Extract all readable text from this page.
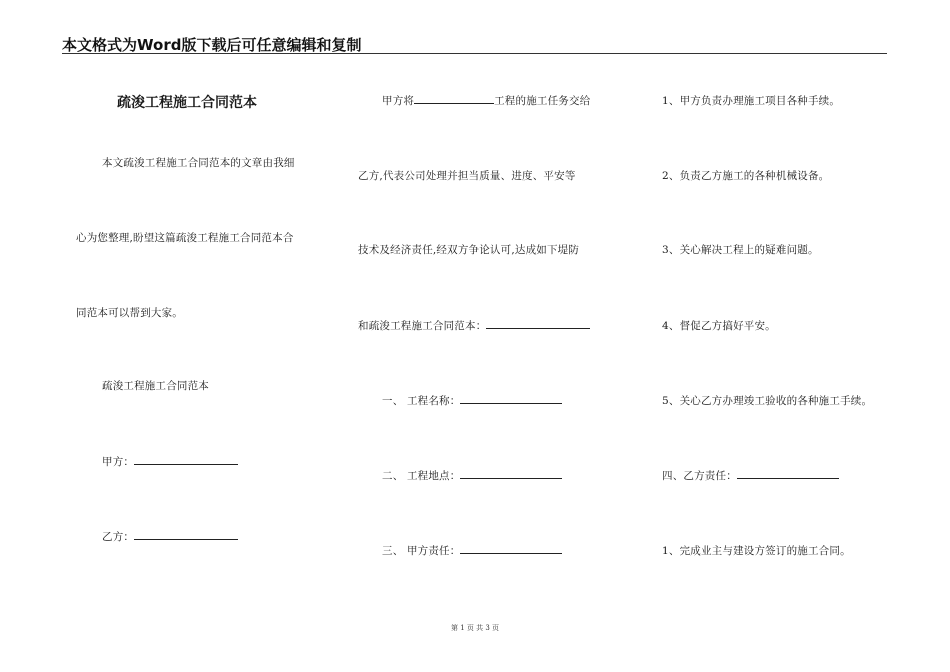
本文格式为Word版下载后可任意编辑和复制
疏浚工程施工合同范本
本文疏浚工程施工合同范本的文章由我细
心为您整理,盼望这篇疏浚工程施工合同范本合
同范本可以帮到大家。
疏浚工程施工合同范本
甲方：
乙方：
甲方将	工程的施工任务交给
乙方,代表公司处理并担当质量、进度、平安等
技术及经济责任,经双方争论认可,达成如下堤防
和疏浚工程施工合同范本：
一、 工程名称：
二、 工程地点：
三、 甲方责任：
1、甲方负责办理施工项目各种手续。
2、负责乙方施工的各种机械设备。
3、关心解决工程上的疑难问题。
4、督促乙方搞好平安。
5、关心乙方办理竣工验收的各种施工手续。
四、乙方责任：
1、完成业主与建设方签订的施工合同。
第 1 页 共 3 页
